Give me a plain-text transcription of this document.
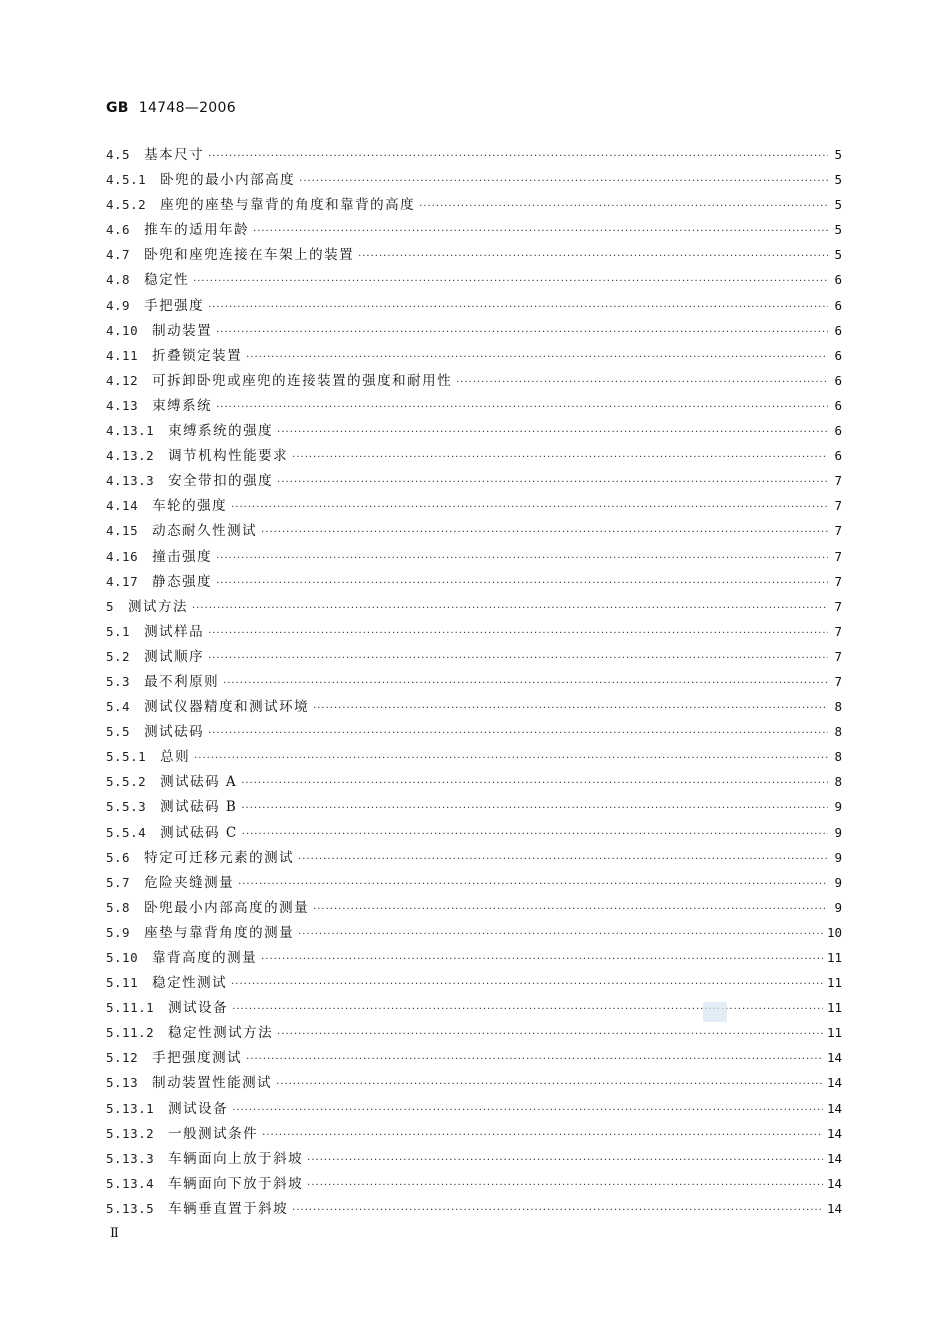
GB 14748—2006
4.5 基本尺寸 ·····	5
4.5.1 卧兜的最小内部高度 ·····	5
4.5.2 座兜的座垫与靠背的角度和靠背的高度 ·····	5
4.6 推车的适用年龄 ·····	5
4.7 卧兜和座兜连接在车架上的装置 ·····	5
4.8 稳定性 ·····	6
4.9 手把强度 ·····	6
4.10 制动装置 ·····	6
4.11 折叠锁定装置 ·····	6
4.12 可拆卸卧兜或座兜的连接装置的强度和耐用性 ·····	6
4.13 束缚系统 ·····	6
4.13.1 束缚系统的强度 ·····	6
4.13.2 调节机构性能要求 ·····	6
4.13.3 安全带扣的强度 ·····	7
4.14 车轮的强度 ·····	7
4.15 动态耐久性测试 ·····	7
4.16 撞击强度 ·····	7
4.17 静态强度 ·····	7
5 测试方法 ·····	7
5.1 测试样品 ·····	7
5.2 测试顺序 ·····	7
5.3 最不利原则 ·····	7
5.4 测试仪器精度和测试环境 ·····	8
5.5 测试砝码 ·····	8
5.5.1 总则 ·····	8
5.5.2 测试砝码 A ·····	8
5.5.3 测试砝码 B ·····	9
5.5.4 测试砝码 C ·····	9
5.6 特定可迁移元素的测试 ·····	9
5.7 危险夹缝测量 ·····	9
5.8 卧兜最小内部高度的测量 ·····	9
5.9 座垫与靠背角度的测量 ·····	10
5.10 靠背高度的测量 ·····	11
5.11 稳定性测试 ·····	11
5.11.1 测试设备 ·····	11
5.11.2 稳定性测试方法 ·····	11
5.12 手把强度测试 ·····	14
5.13 制动装置性能测试 ·····	14
5.13.1 测试设备 ·····	14
5.13.2 一般测试条件 ·····	14
5.13.3 车辆面向上放于斜坡 ·····	14
5.13.4 车辆面向下放于斜坡 ·····	14
5.13.5 车辆垂直置于斜坡 ·····	14
Ⅱ
